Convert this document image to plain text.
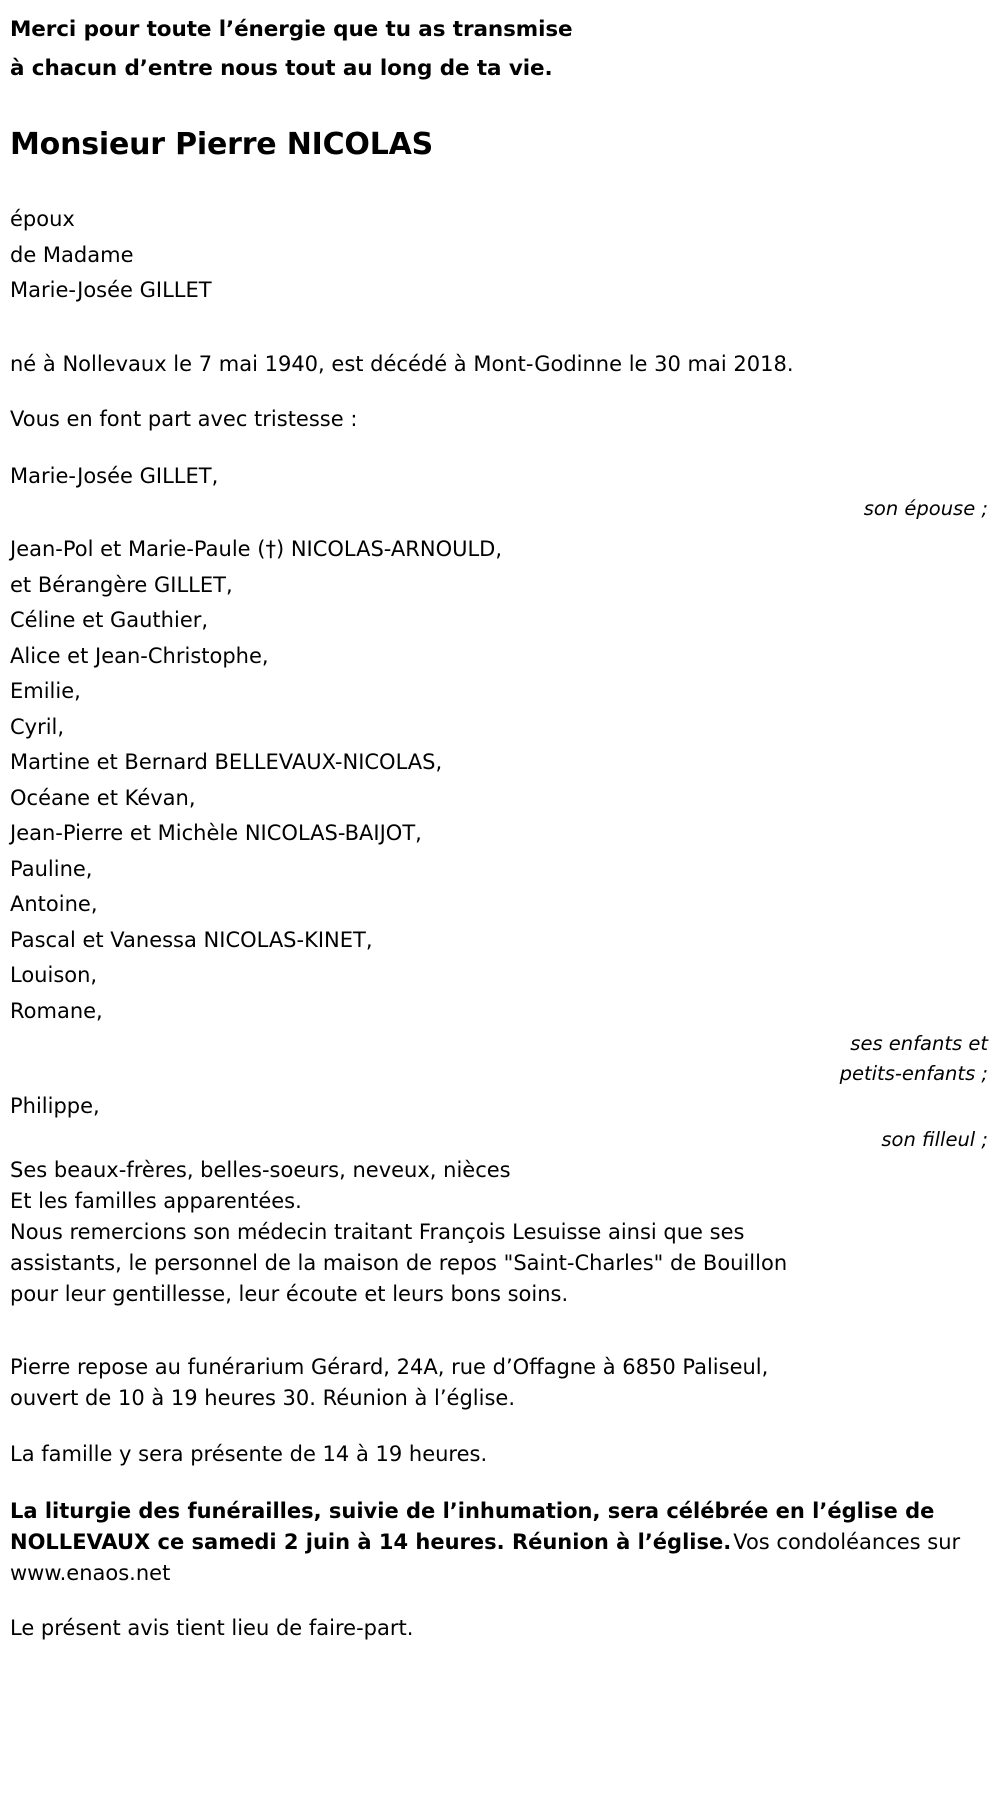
Merci pour toute l’énergie que tu as transmise
à chacun d’entre nous tout au long de ta vie.
Monsieur Pierre NICOLAS
époux
de Madame
Marie-Josée GILLET
né à Nollevaux le 7 mai 1940, est décédé à Mont-Godinne le 30 mai 2018.
Vous en font part avec tristesse :
Marie-Josée GILLET,
son épouse ;
Jean-Pol et Marie-Paule (†) NICOLAS-ARNOULD,
et Bérangère GILLET,
Céline et Gauthier,
Alice et Jean-Christophe,
Emilie,
Cyril,
Martine et Bernard BELLEVAUX-NICOLAS,
Océane et Kévan,
Jean-Pierre et Michèle NICOLAS-BAIJOT,
Pauline,
Antoine,
Pascal et Vanessa NICOLAS-KINET,
Louison,
Romane,
ses enfants et
petits-enfants ;
Philippe,
son filleul ;
Ses beaux-frères, belles-soeurs, neveux, nièces
Et les familles apparentées.
Nous remercions son médecin traitant François Lesuisse ainsi que ses
assistants, le personnel de la maison de repos "Saint-Charles" de Bouillon
pour leur gentillesse, leur écoute et leurs bons soins.
Pierre repose au funérarium Gérard, 24A, rue d’Offagne à 6850 Paliseul,
ouvert de 10 à 19 heures 30. Réunion à l’église.
La famille y sera présente de 14 à 19 heures.
La liturgie des funérailles, suivie de l’inhumation, sera célébrée en l’église de NOLLEVAUX ce samedi 2 juin à 14 heures. Réunion à l’église.Vos condoléances sur www.enaos.net
Le présent avis tient lieu de faire-part.
